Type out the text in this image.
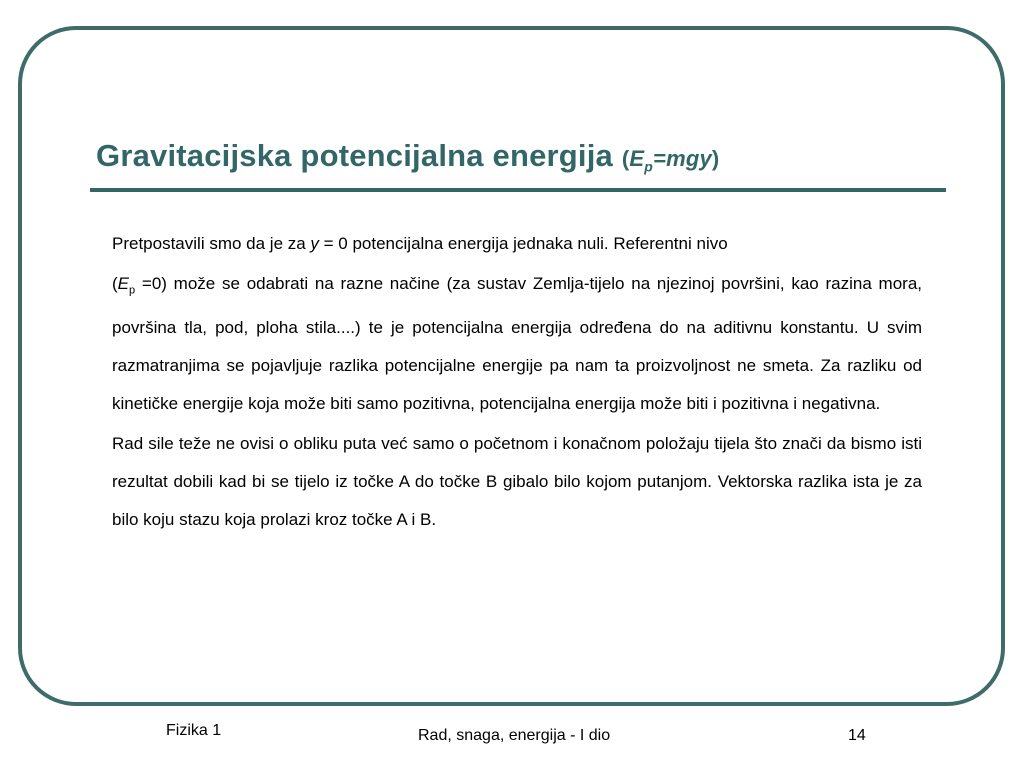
Gravitacijska potencijalna energija $(E_p=mgy)$

Pretpostavili smo da je za y = 0 potencijalna energija jednaka nuli. Referentni nivo

$(E_p =0)$ može se odabrati na razne načine (za sustav Zemlja-tijelo na njezinoj površini, kao razina mora, površina tla, pod, ploha stila....) te je potencijalna energija određena do na aditivnu konstantu. U svim razmatranjima se pojavljuje razlika potencijalne energije pa nam ta proizvoljnost ne smeta. Za razliku od kinetičke energije koja može biti samo pozitivna, potencijalna energija može biti i pozitivna i negativna.

Rad sile teže ne ovisi o obliku puta već samo o početnom i konačnom položaju tijela što znači da bismo isti rezultat dobili kad bi se tijelo iz točke A do točke B gibalo bilo kojom putanjom. Vektorska razlika ista je za bilo koju stazu koja prolazi kroz točke A i B.

Fizika 1	Rad, snaga, energija - I dio	14
